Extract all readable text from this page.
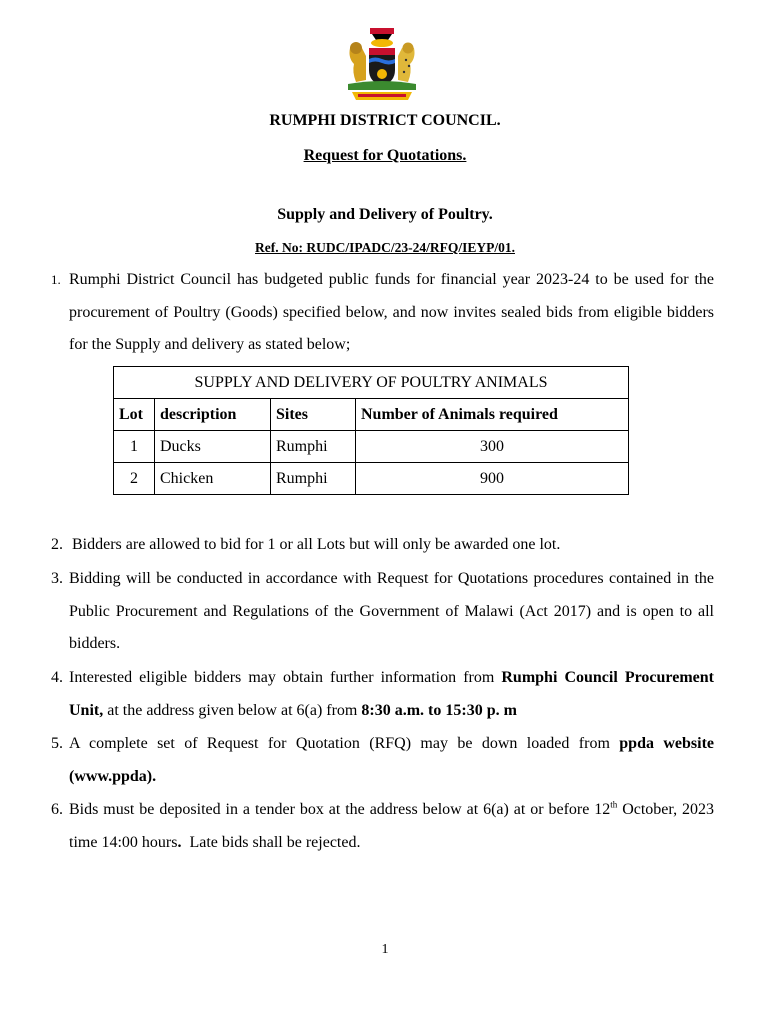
RUMPHI DISTRICT COUNCIL.
Request for Quotations.
Supply and Delivery of Poultry.
Ref. No: RUDC/IPADC/23-24/RFQ/IEYP/01.
1. Rumphi District Council has budgeted public funds for financial year 2023-24 to be used for the procurement of Poultry (Goods) specified below, and now invites sealed bids from eligible bidders for the Supply and delivery as stated below;
SUPPLY AND DELIVERY OF POULTRY ANIMALS			
Lot	description	Sites	Number of Animals required
1	Ducks	Rumphi	300
2	Chicken	Rumphi	900
2. Bidders are allowed to bid for 1 or all Lots but will only be awarded one lot.
3. Bidding will be conducted in accordance with Request for Quotations procedures contained in the Public Procurement and Regulations of the Government of Malawi (Act 2017) and is open to all bidders.
4. Interested eligible bidders may obtain further information from Rumphi Council Procurement Unit, at the address given below at 6(a) from 8:30 a.m. to 15:30 p. m
5. A complete set of Request for Quotation (RFQ) may be down loaded from ppda website (www.ppda).
6. Bids must be deposited in a tender box at the address below at 6(a) at or before 12th October, 2023 time 14:00 hours.  Late bids shall be rejected.
1
